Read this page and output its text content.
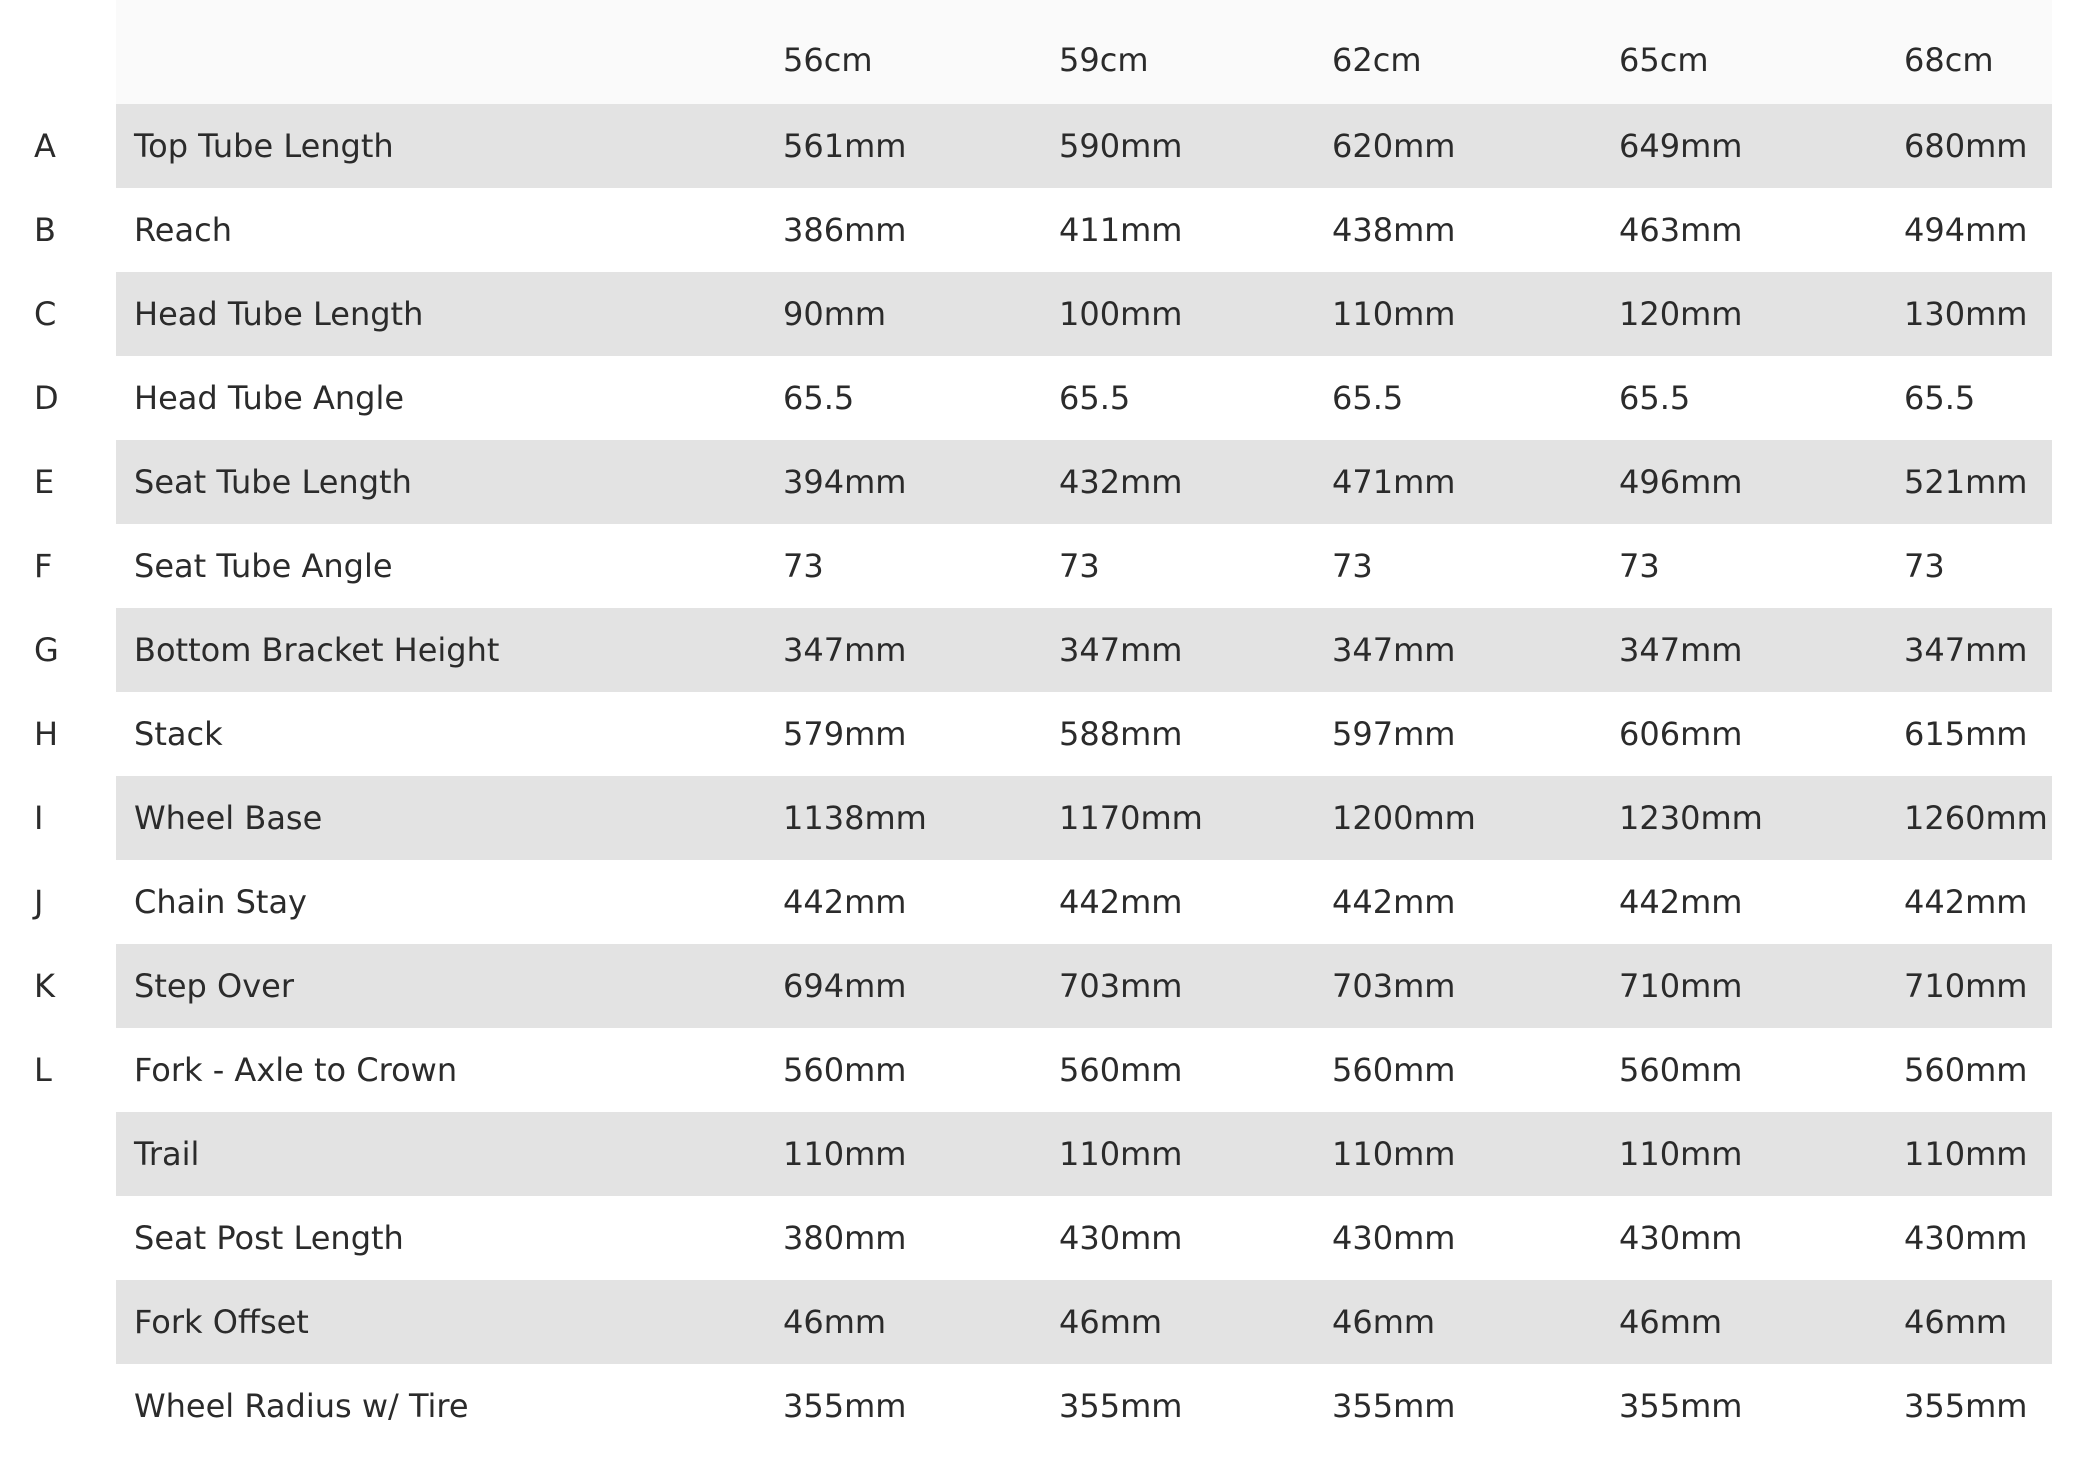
		56cm	59cm	62cm	65cm	68cm	
A	Top Tube Length	561mm	590mm	620mm	649mm	680mm	
B	Reach	386mm	411mm	438mm	463mm	494mm	
C	Head Tube Length	90mm	100mm	110mm	120mm	130mm	
D	Head Tube Angle	65.5	65.5	65.5	65.5	65.5	
E	Seat Tube Length	394mm	432mm	471mm	496mm	521mm	
F	Seat Tube Angle	73	73	73	73	73	
G	Bottom Bracket Height	347mm	347mm	347mm	347mm	347mm	
H	Stack	579mm	588mm	597mm	606mm	615mm	
I	Wheel Base	1138mm	1170mm	1200mm	1230mm	1260mm	
J	Chain Stay	442mm	442mm	442mm	442mm	442mm	
K	Step Over	694mm	703mm	703mm	710mm	710mm	
L	Fork - Axle to Crown	560mm	560mm	560mm	560mm	560mm	
	Trail	110mm	110mm	110mm	110mm	110mm	
	Seat Post Length	380mm	430mm	430mm	430mm	430mm	
	Fork Offset	46mm	46mm	46mm	46mm	46mm	
	Wheel Radius w/ Tire	355mm	355mm	355mm	355mm	355mm	
